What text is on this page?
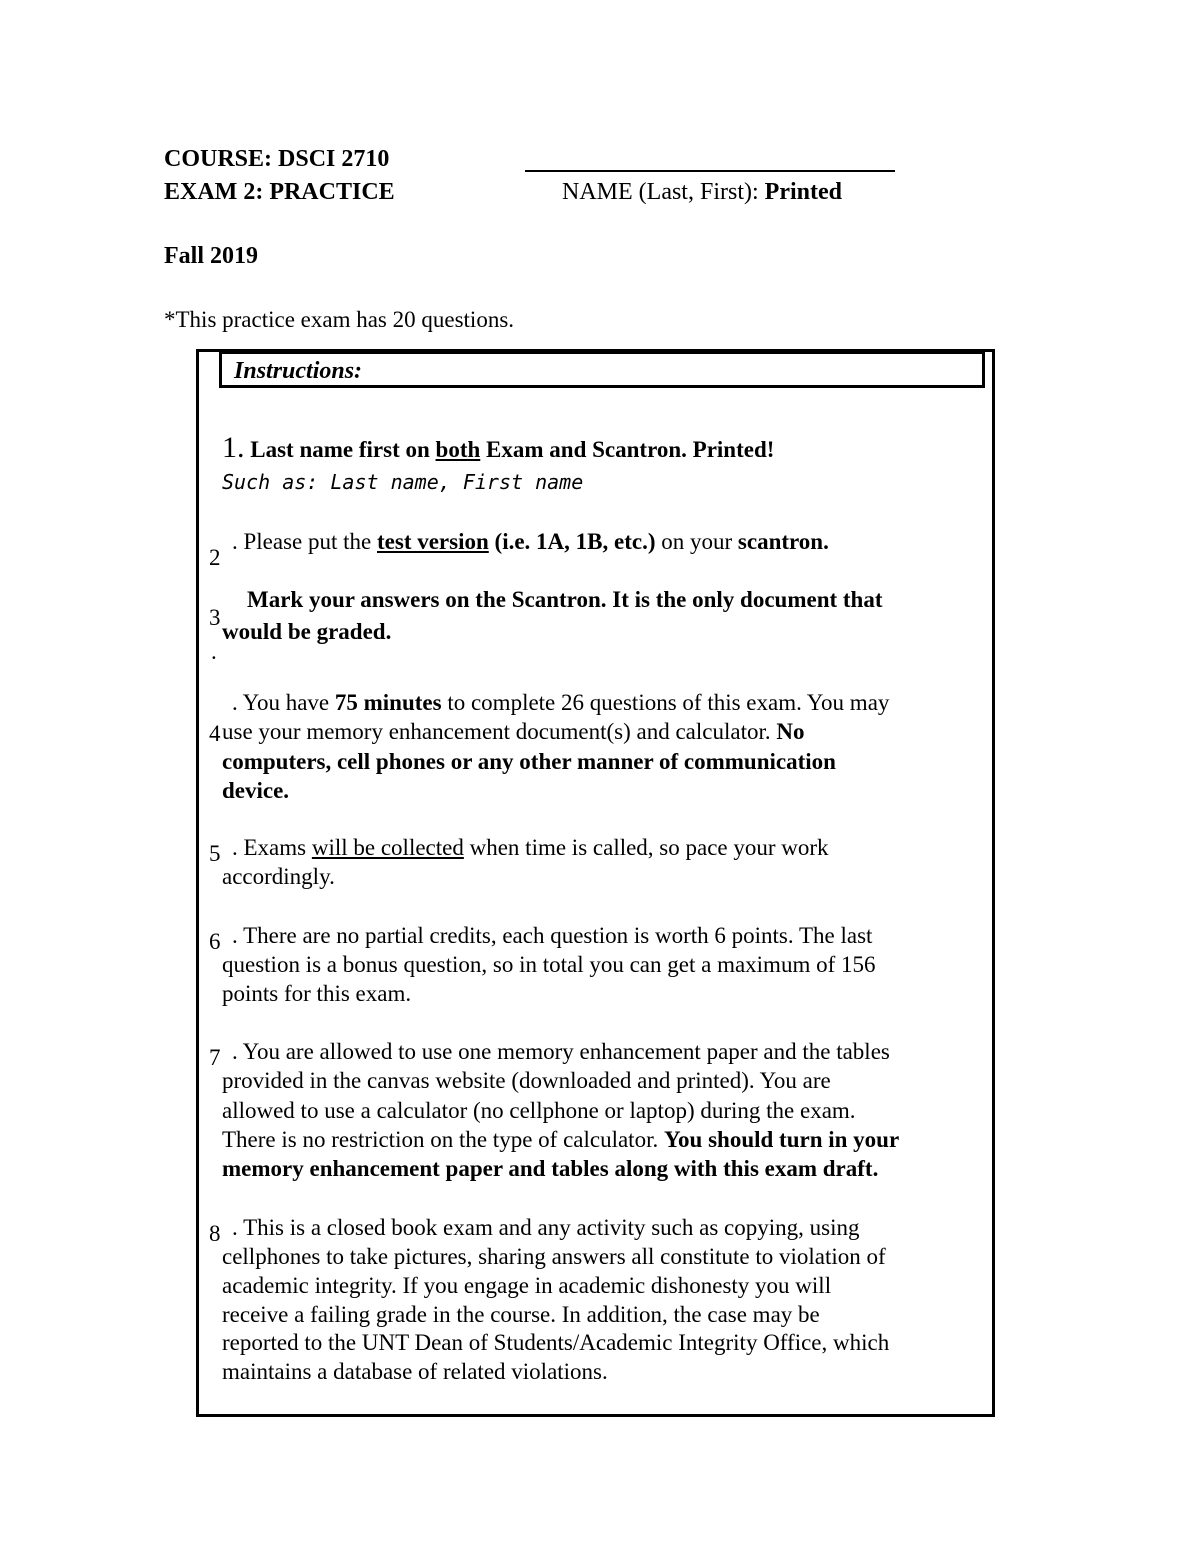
COURSE: DSCI 2710
EXAM 2: PRACTICE	NAME (Last, First): Printed
Fall 2019
*This practice exam has 20 questions.
Instructions:
1. Last name first on both Exam and Scantron. Printed!
Such as: Last name, First name
2
. Please put the test version (i.e. 1A, 1B, etc.) on your scantron.
3
.
Mark your answers on the Scantron. It is the only document that
would be graded.
4
. You have 75 minutes to complete 26 questions of this exam. You may
use your memory enhancement document(s) and calculator. No
computers, cell phones or any other manner of communication
device.
5 . Exams will be collected when time is called, so pace your work
accordingly.
6 . There are no partial credits, each question is worth 6 points. The last
question is a bonus question, so in total you can get a maximum of 156
points for this exam.
7 . You are allowed to use one memory enhancement paper and the tables
provided in the canvas website (downloaded and printed). You are
allowed to use a calculator (no cellphone or laptop) during the exam.
There is no restriction on the type of calculator. You should turn in your
memory enhancement paper and tables along with this exam draft.
8 . This is a closed book exam and any activity such as copying, using
cellphones to take pictures, sharing answers all constitute to violation of
academic integrity. If you engage in academic dishonesty you will
receive a failing grade in the course. In addition, the case may be
reported to the UNT Dean of Students/Academic Integrity Office, which
maintains a database of related violations.
